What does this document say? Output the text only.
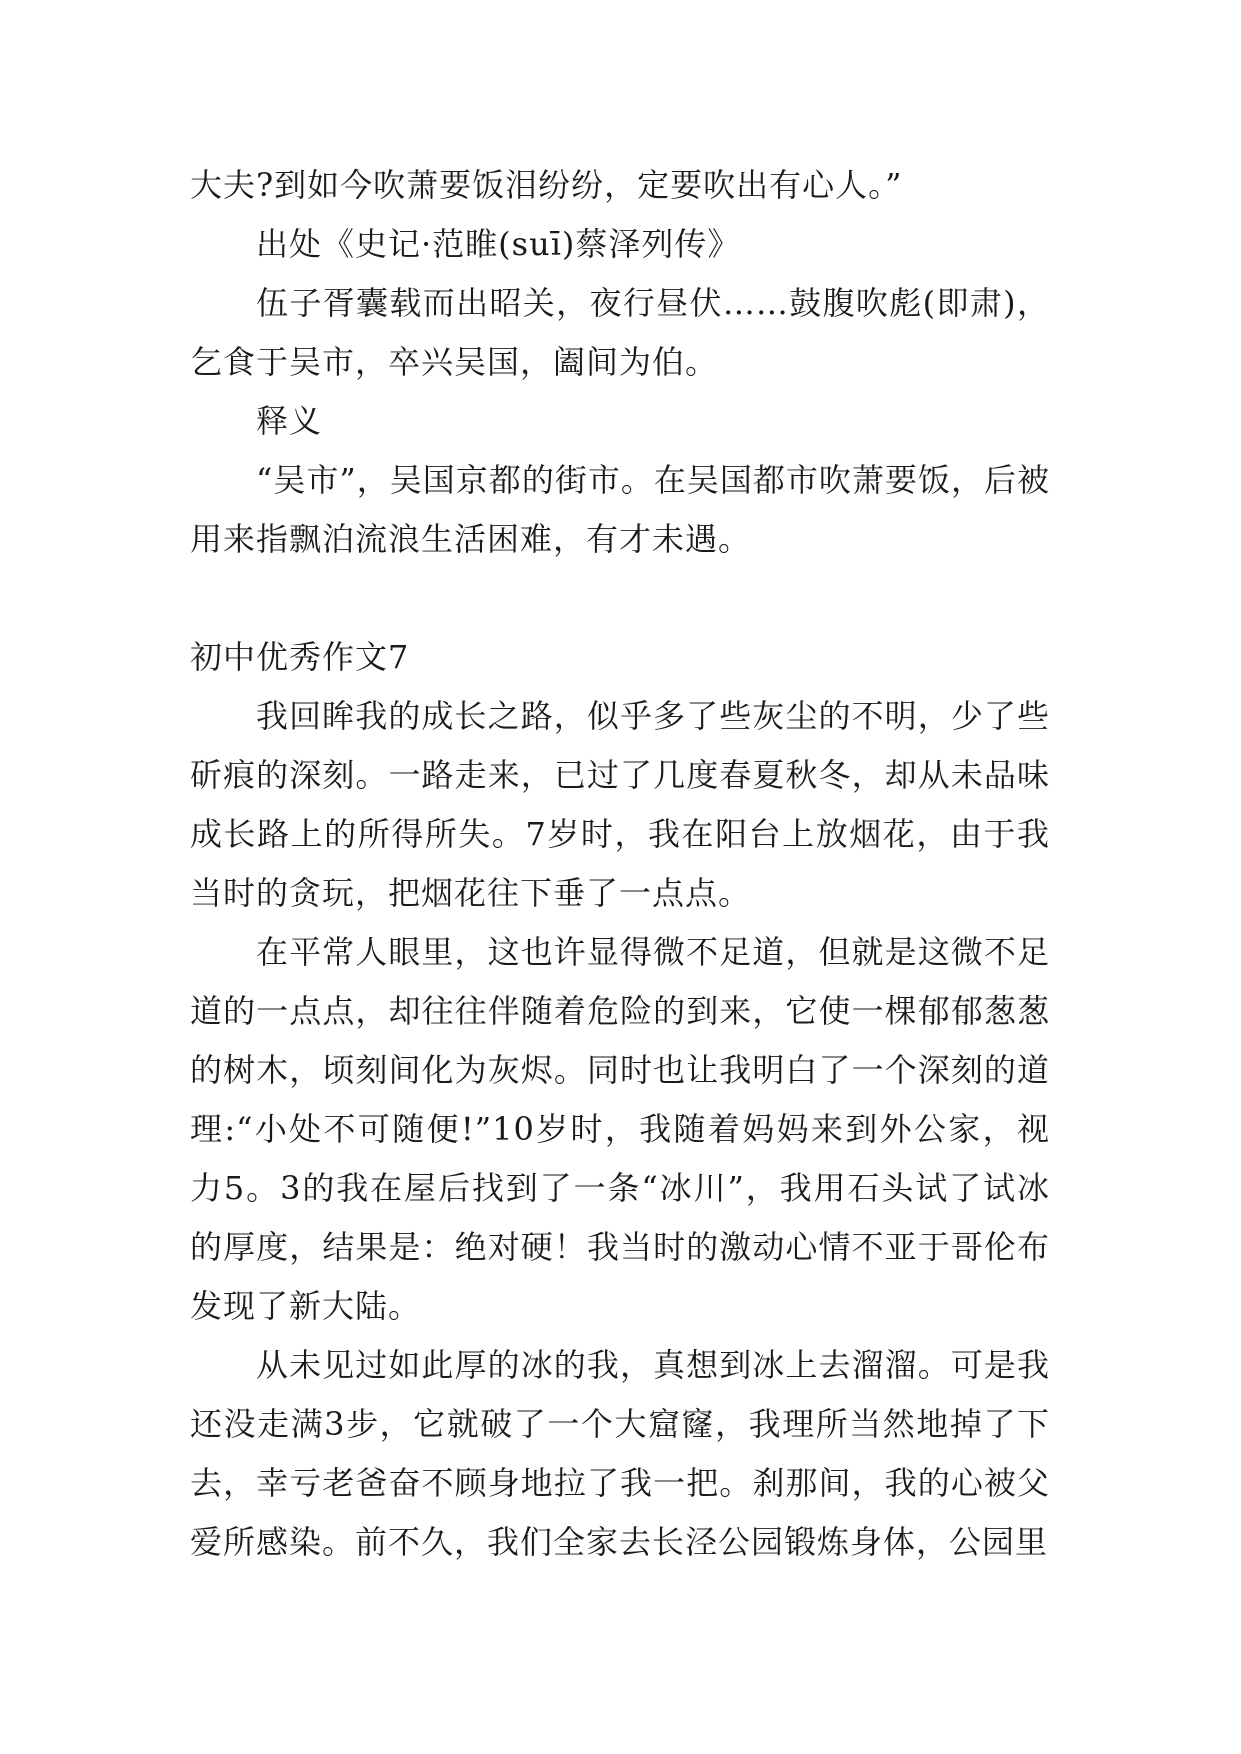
大夫?到如今吹萧要饭泪纷纷，定要吹出有心人。”

出处《史记·范睢(suī)蔡泽列传》

伍子胥囊载而出昭关，夜行昼伏……鼓腹吹彪(即肃)，乞食于吴市，卒兴吴国，阖间为伯。

释义

“吴市”，吴国京都的街市。在吴国都市吹萧要饭，后被用来指飘泊流浪生活困难，有才未遇。

初中优秀作文7

我回眸我的成长之路，似乎多了些灰尘的不明，少了些斫痕的深刻。一路走来，已过了几度春夏秋冬，却从未品味成长路上的所得所失。7岁时，我在阳台上放烟花，由于我当时的贪玩，把烟花往下垂了一点点。

在平常人眼里，这也许显得微不足道，但就是这微不足道的一点点，却往往伴随着危险的到来，它使一棵郁郁葱葱的树木，顷刻间化为灰烬。同时也让我明白了一个深刻的道理:“小处不可随便!”10岁时，我随着妈妈来到外公家，视力5。3的我在屋后找到了一条“冰川”，我用石头试了试冰的厚度，结果是：绝对硬！我当时的激动心情不亚于哥伦布发现了新大陆。

从未见过如此厚的冰的我，真想到冰上去溜溜。可是我还没走满3步，它就破了一个大窟窿，我理所当然地掉了下去，幸亏老爸奋不顾身地拉了我一把。刹那间，我的心被父爱所感染。前不久，我们全家去长泾公园锻炼身体，公园里
